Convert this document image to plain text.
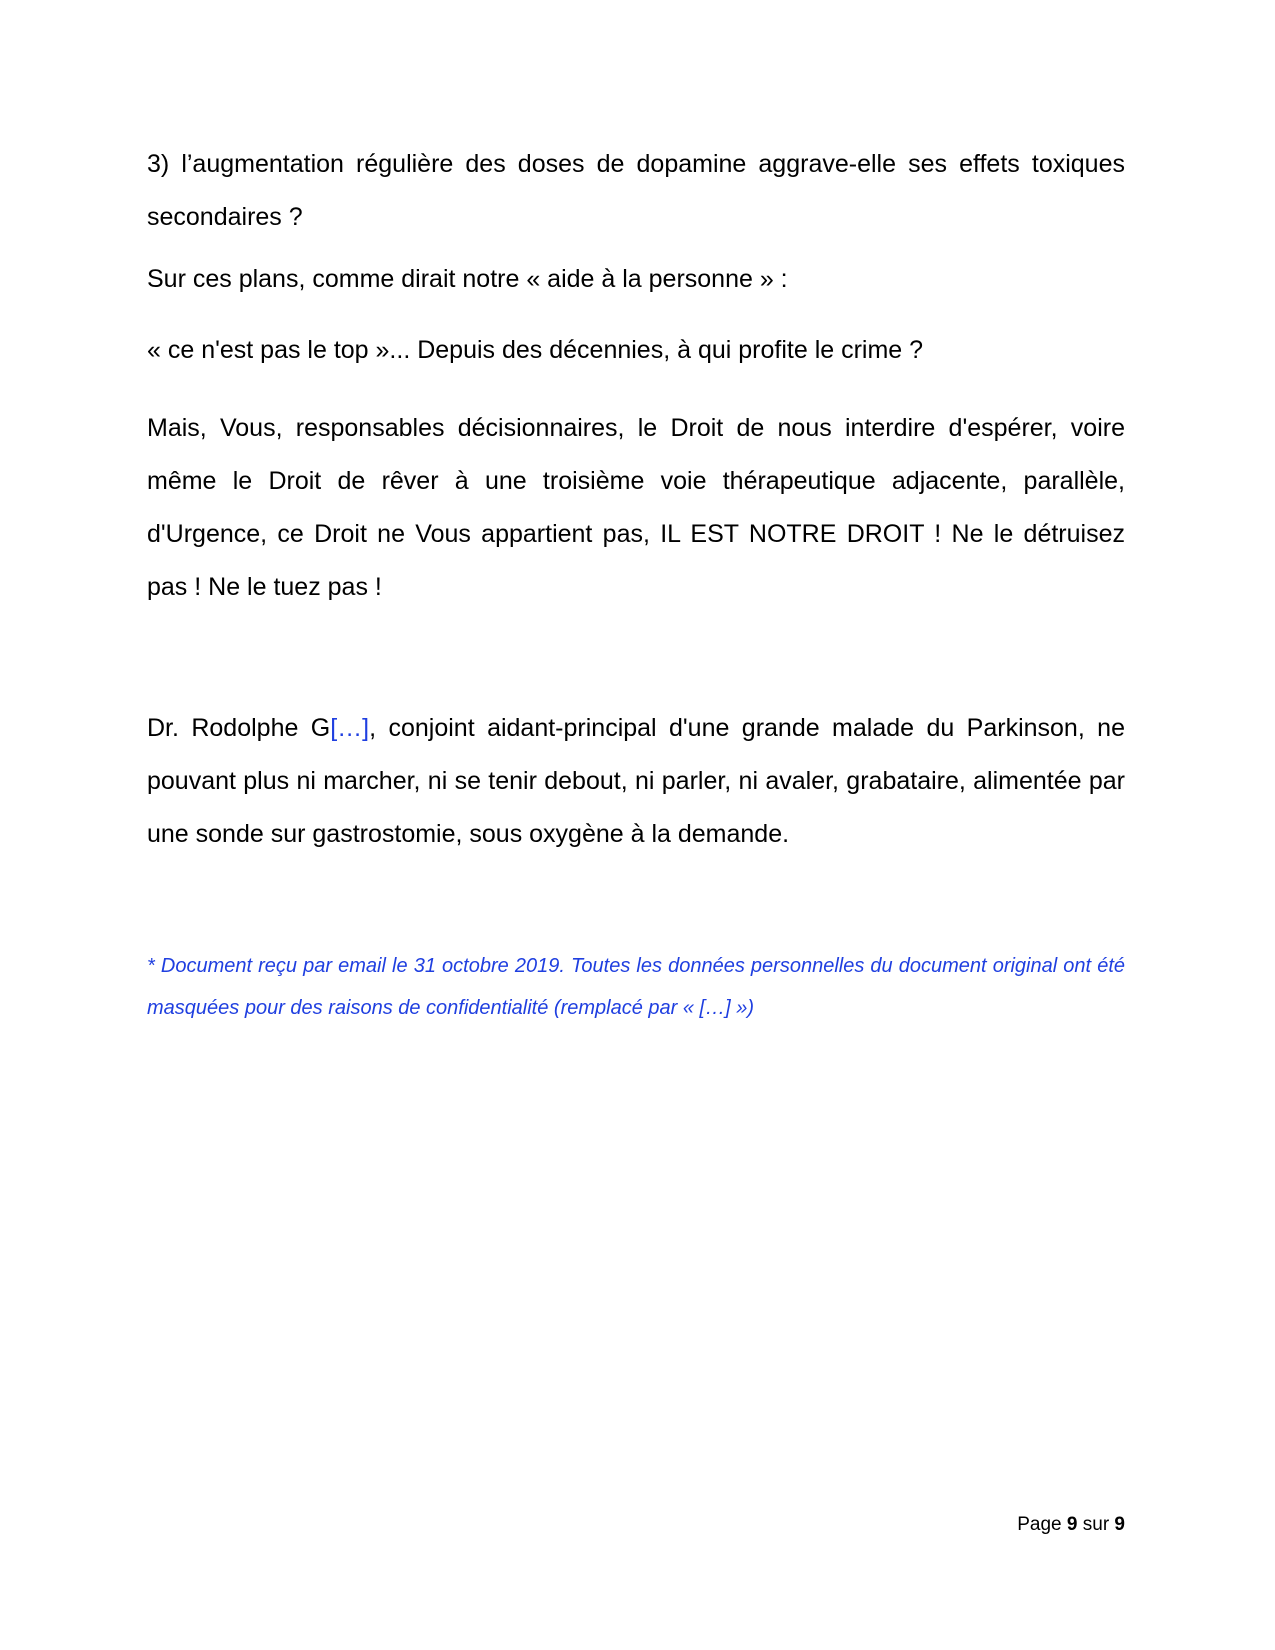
3) l’augmentation régulière des doses de dopamine aggrave-elle ses effets toxiques secondaires ?
Sur ces plans, comme dirait notre « aide à la personne » :
« ce n'est pas le top »... Depuis des décennies, à qui profite le crime ?
Mais, Vous, responsables décisionnaires, le Droit de nous interdire d'espérer, voire même le Droit de rêver à une troisième voie thérapeutique adjacente, parallèle, d'Urgence, ce Droit ne Vous appartient pas, IL EST NOTRE DROIT ! Ne le détruisez pas ! Ne le tuez pas !
Dr. Rodolphe G[…], conjoint aidant-principal d'une grande malade du Parkinson, ne pouvant plus ni marcher, ni se tenir debout, ni parler, ni avaler, grabataire, alimentée par une sonde sur gastrostomie, sous oxygène à la demande.
* Document reçu par email le 31 octobre 2019. Toutes les données personnelles du document original ont été masquées pour des raisons de confidentialité (remplacé par « […] »)
Page 9 sur 9
